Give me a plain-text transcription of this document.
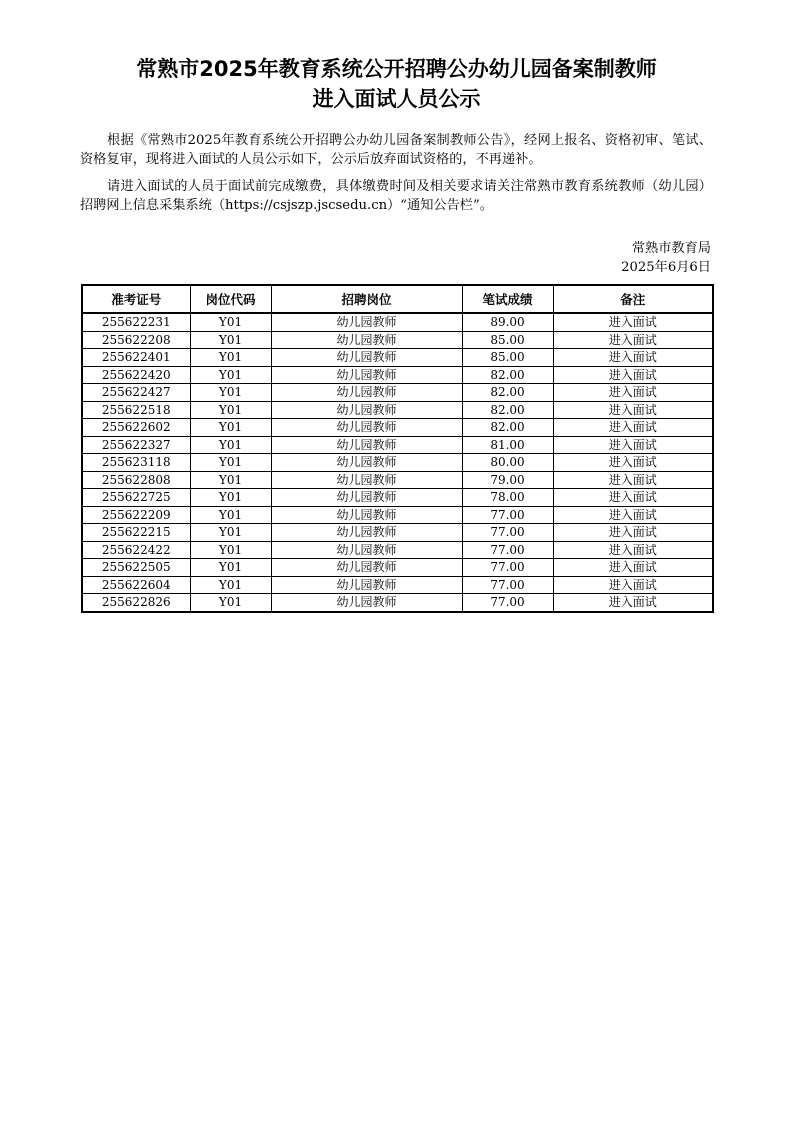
常熟市2025年教育系统公开招聘公办幼儿园备案制教师
进入面试人员公示
根据《常熟市2025年教育系统公开招聘公办幼儿园备案制教师公告》，经网上报名、资格初审、笔试、资格复审，现将进入面试的人员公示如下，公示后放弃面试资格的，不再递补。
请进入面试的人员于面试前完成缴费，具体缴费时间及相关要求请关注常熟市教育系统教师（幼儿园）招聘网上信息采集系统（https://csjszp.jscsedu.cn）“通知公告栏”。
常熟市教育局
2025年6月6日
准考证号	岗位代码	招聘岗位	笔试成绩	备注
255622231	Y01	幼儿园教师	89.00	进入面试
255622208	Y01	幼儿园教师	85.00	进入面试
255622401	Y01	幼儿园教师	85.00	进入面试
255622420	Y01	幼儿园教师	82.00	进入面试
255622427	Y01	幼儿园教师	82.00	进入面试
255622518	Y01	幼儿园教师	82.00	进入面试
255622602	Y01	幼儿园教师	82.00	进入面试
255622327	Y01	幼儿园教师	81.00	进入面试
255623118	Y01	幼儿园教师	80.00	进入面试
255622808	Y01	幼儿园教师	79.00	进入面试
255622725	Y01	幼儿园教师	78.00	进入面试
255622209	Y01	幼儿园教师	77.00	进入面试
255622215	Y01	幼儿园教师	77.00	进入面试
255622422	Y01	幼儿园教师	77.00	进入面试
255622505	Y01	幼儿园教师	77.00	进入面试
255622604	Y01	幼儿园教师	77.00	进入面试
255622826	Y01	幼儿园教师	77.00	进入面试
